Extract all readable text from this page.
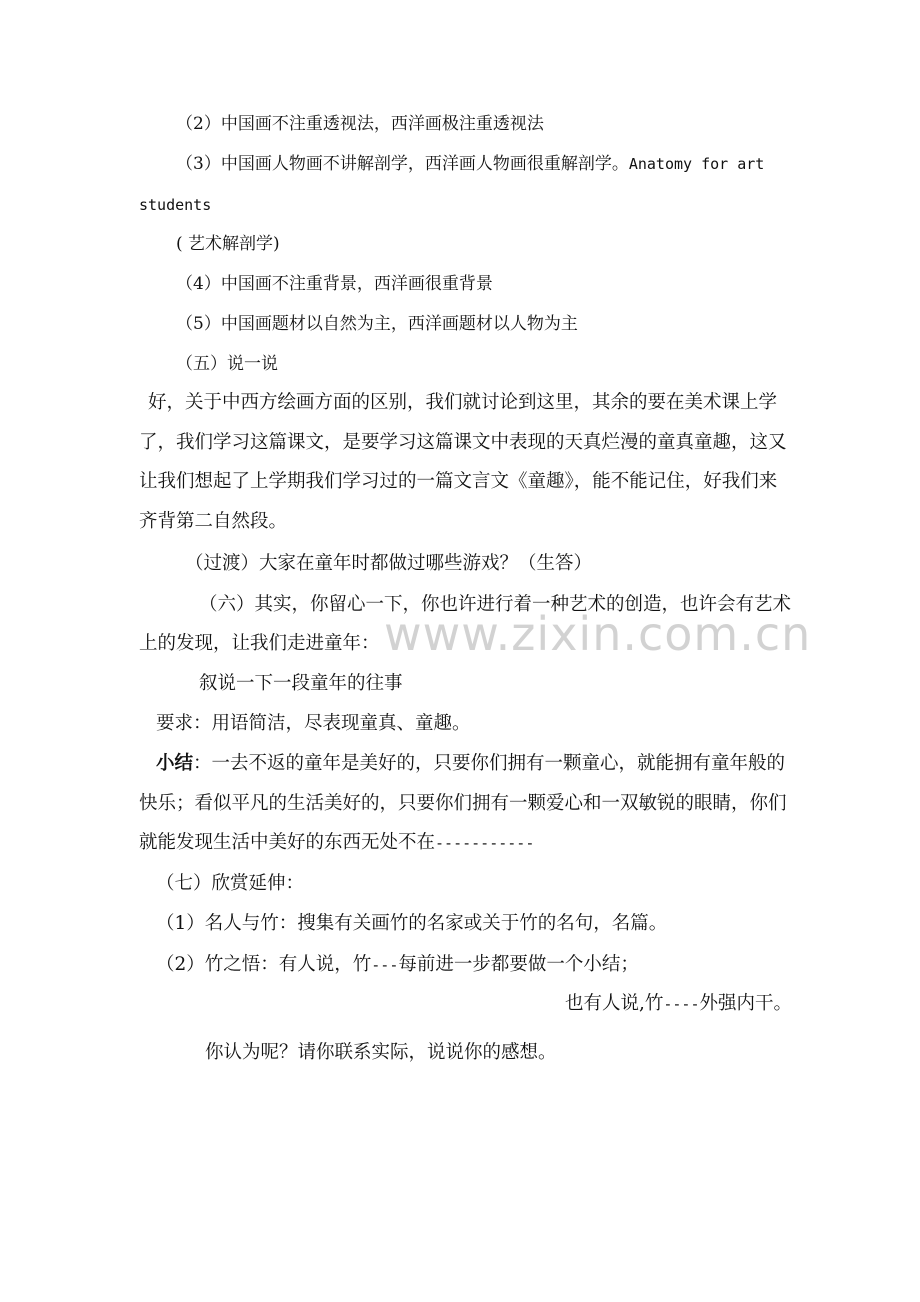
www.zixin.com.cn
（2）中国画不注重透视法，西洋画极注重透视法
（3）中国画人物画不讲解剖学，西洋画人物画很重解剖学。Anatomy for art
students
( 艺术解剖学)
（4）中国画不注重背景，西洋画很重背景
（5）中国画题材以自然为主，西洋画题材以人物为主
（五）说一说
好，关于中西方绘画方面的区别，我们就讨论到这里，其余的要在美术课上学
了，我们学习这篇课文，是要学习这篇课文中表现的天真烂漫的童真童趣，这又
让我们想起了上学期我们学习过的一篇文言文《童趣》，能不能记住，好我们来
齐背第二自然段。
（过渡）大家在童年时都做过哪些游戏？（生答）
（六）其实，你留心一下，你也许进行着一种艺术的创造，也许会有艺术
上的发现，让我们走进童年：
叙说一下一段童年的往事
要求：用语简洁，尽表现童真、童趣。
小结：一去不返的童年是美好的，只要你们拥有一颗童心，就能拥有童年般的
快乐；看似平凡的生活美好的，只要你们拥有一颗爱心和一双敏锐的眼睛，你们
就能发现生活中美好的东西无处不在-----------
（七）欣赏延伸：
（1）名人与竹：搜集有关画竹的名家或关于竹的名句，名篇。
（2）竹之悟：有人说，竹---每前进一步都要做一个小结；
也有人说,竹----外强内干。
你认为呢？请你联系实际，说说你的感想。
